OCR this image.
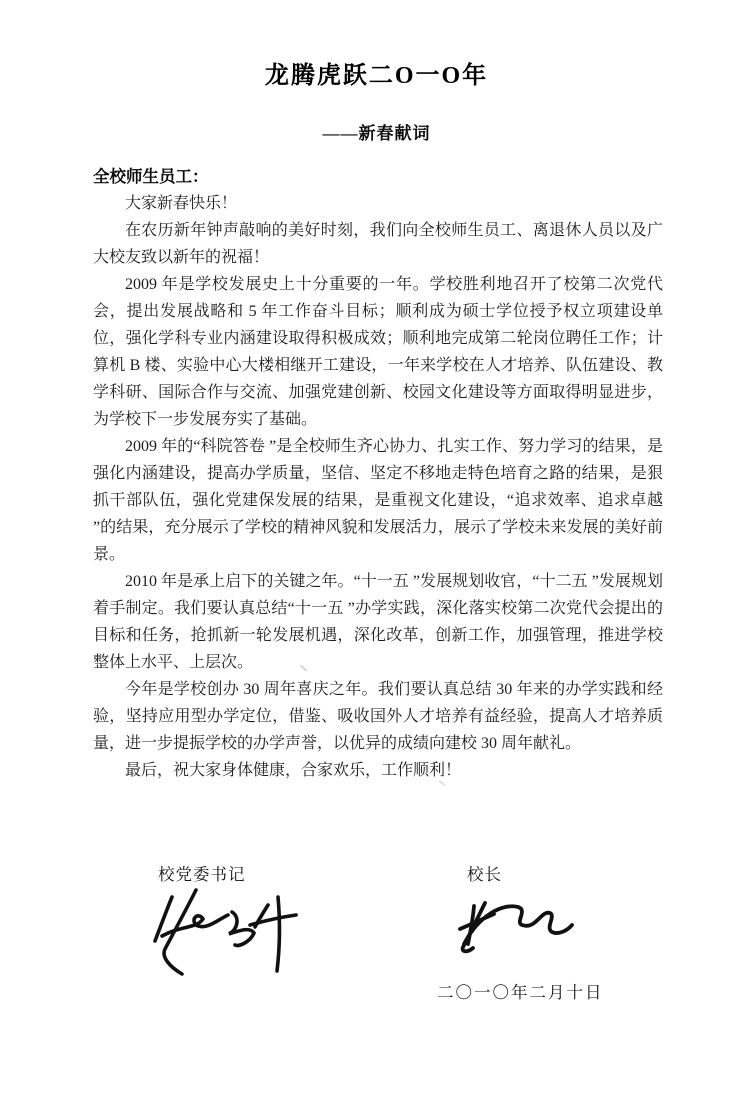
龙腾虎跃二O一O年
——新春献词

全校师生员工：

大家新春快乐！

在农历新年钟声敲响的美好时刻，我们向全校师生员工、离退休人员以及广大校友致以新年的祝福！

2009 年是学校发展史上十分重要的一年。学校胜利地召开了校第二次党代会，提出发展战略和 5 年工作奋斗目标；顺利成为硕士学位授予权立项建设单位，强化学科专业内涵建设取得积极成效；顺利地完成第二轮岗位聘任工作；计算机 B 楼、实验中心大楼相继开工建设，一年来学校在人才培养、队伍建设、教学科研、国际合作与交流、加强党建创新、校园文化建设等方面取得明显进步，为学校下一步发展夯实了基础。

2009 年的“科院答卷 ”是全校师生齐心协力、扎实工作、努力学习的结果，是强化内涵建设，提高办学质量，坚信、坚定不移地走特色培育之路的结果，是狠抓干部队伍，强化党建保发展的结果，是重视文化建设，“追求效率、追求卓越 ”的结果，充分展示了学校的精神风貌和发展活力，展示了学校未来发展的美好前景。

2010 年是承上启下的关键之年。“十一五 ”发展规划收官，“十二五 ”发展规划着手制定。我们要认真总结“十一五 ”办学实践，深化落实校第二次党代会提出的目标和任务，抢抓新一轮发展机遇，深化改革，创新工作，加强管理，推进学校整体上水平、上层次。

今年是学校创办 30 周年喜庆之年。我们要认真总结 30 年来的办学实践和经验，坚持应用型办学定位，借鉴、吸收国外人才培养有益经验，提高人才培养质量，进一步提振学校的办学声誉，以优异的成绩向建校 30 周年献礼。

最后，祝大家身体健康，合家欢乐，工作顺利！

校党委书记	校长
二〇一〇年二月十日
